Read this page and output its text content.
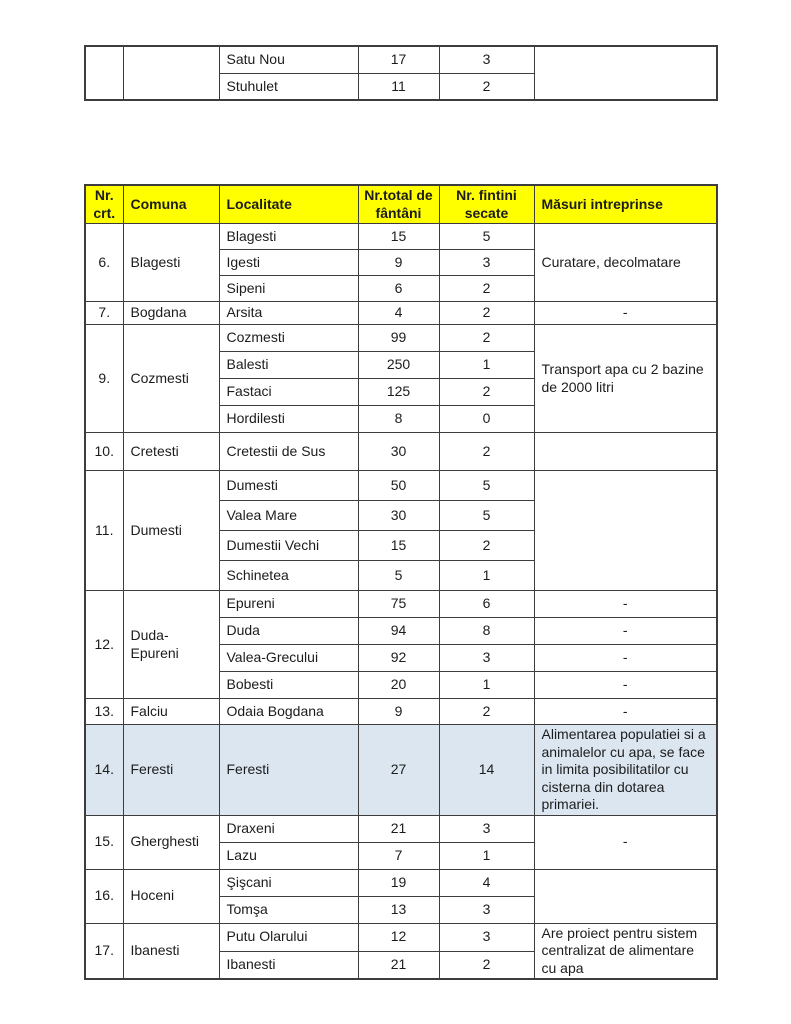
		Satu Nou	17	3	
		Stuhulet	11	2	
Nr. crt.	Comuna	Localitate	Nr.total de fântâni	Nr. fintini secate	Măsuri intreprinse
6.	Blagesti	Blagesti	15	5	Curatare, decolmatare
		Igesti	9	3	
		Sipeni	6	2	
7.	Bogdana	Arsita	4	2	-
9.	Cozmesti	Cozmesti	99	2	Transport apa cu 2 bazine de 2000 litri
		Balesti	250	1	
		Fastaci	125	2	
		Hordilesti	8	0	
10.	Cretesti	Cretestii de Sus	30	2	
11.	Dumesti	Dumesti	50	5	
		Valea Mare	30	5	
		Dumestii Vechi	15	2	
		Schinetea	5	1	
12.	Duda-Epureni	Epureni	75	6	-
		Duda	94	8	-
		Valea-Grecului	92	3	-
		Bobesti	20	1	-
13.	Falciu	Odaia Bogdana	9	2	-
14.	Feresti	Feresti	27	14	Alimentarea populatiei si a animalelor cu apa, se face in limita posibilitatilor cu cisterna din dotarea primariei.
15.	Gherghesti	Draxeni	21	3	-
		Lazu	7	1	
16.	Hoceni	Şişcani	19	4	
		Tomşa	13	3	
17.	Ibanesti	Putu Olarului	12	3	Are proiect pentru sistem centralizat de alimentare cu apa
		Ibanesti	21	2	
